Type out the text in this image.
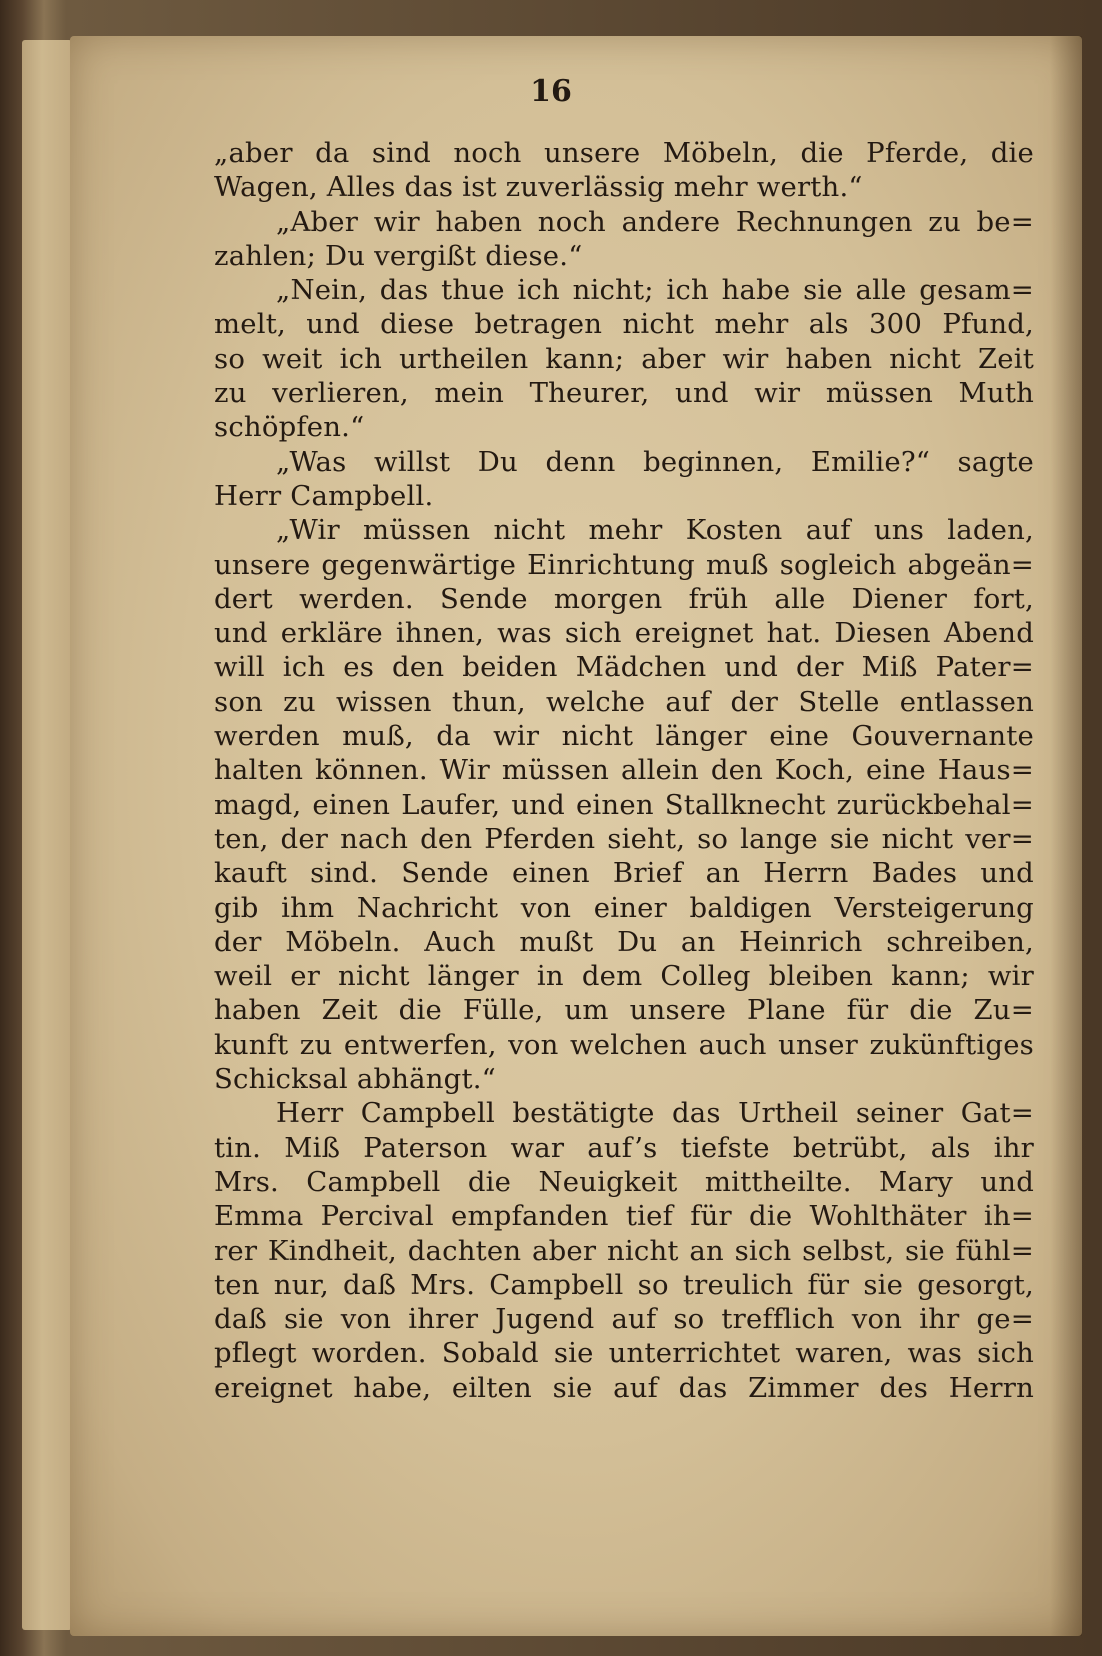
16
„aber da sind noch unsere Möbeln, die Pferde, die
Wagen, Alles das ist zuverlässig mehr werth.“
„Aber wir haben noch andere Rechnungen zu be=
zahlen; Du vergißt diese.“
„Nein, das thue ich nicht; ich habe sie alle gesam=
melt, und diese betragen nicht mehr als 300 Pfund,
so weit ich urtheilen kann; aber wir haben nicht Zeit
zu verlieren, mein Theurer, und wir müssen Muth
schöpfen.“
„Was willst Du denn beginnen, Emilie?“ sagte
Herr Campbell.
„Wir müssen nicht mehr Kosten auf uns laden,
unsere gegenwärtige Einrichtung muß sogleich abgeän=
dert werden. Sende morgen früh alle Diener fort,
und erkläre ihnen, was sich ereignet hat. Diesen Abend
will ich es den beiden Mädchen und der Miß Pater=
son zu wissen thun, welche auf der Stelle entlassen
werden muß, da wir nicht länger eine Gouvernante
halten können. Wir müssen allein den Koch, eine Haus=
magd, einen Laufer, und einen Stallknecht zurückbehal=
ten, der nach den Pferden sieht, so lange sie nicht ver=
kauft sind. Sende einen Brief an Herrn Bades und
gib ihm Nachricht von einer baldigen Versteigerung
der Möbeln. Auch mußt Du an Heinrich schreiben,
weil er nicht länger in dem Colleg bleiben kann; wir
haben Zeit die Fülle, um unsere Plane für die Zu=
kunft zu entwerfen, von welchen auch unser zukünftiges
Schicksal abhängt.“
Herr Campbell bestätigte das Urtheil seiner Gat=
tin. Miß Paterson war auf’s tiefste betrübt, als ihr
Mrs. Campbell die Neuigkeit mittheilte. Mary und
Emma Percival empfanden tief für die Wohlthäter ih=
rer Kindheit, dachten aber nicht an sich selbst, sie fühl=
ten nur, daß Mrs. Campbell so treulich für sie gesorgt,
daß sie von ihrer Jugend auf so trefflich von ihr ge=
pflegt worden. Sobald sie unterrichtet waren, was sich
ereignet habe, eilten sie auf das Zimmer des Herrn
